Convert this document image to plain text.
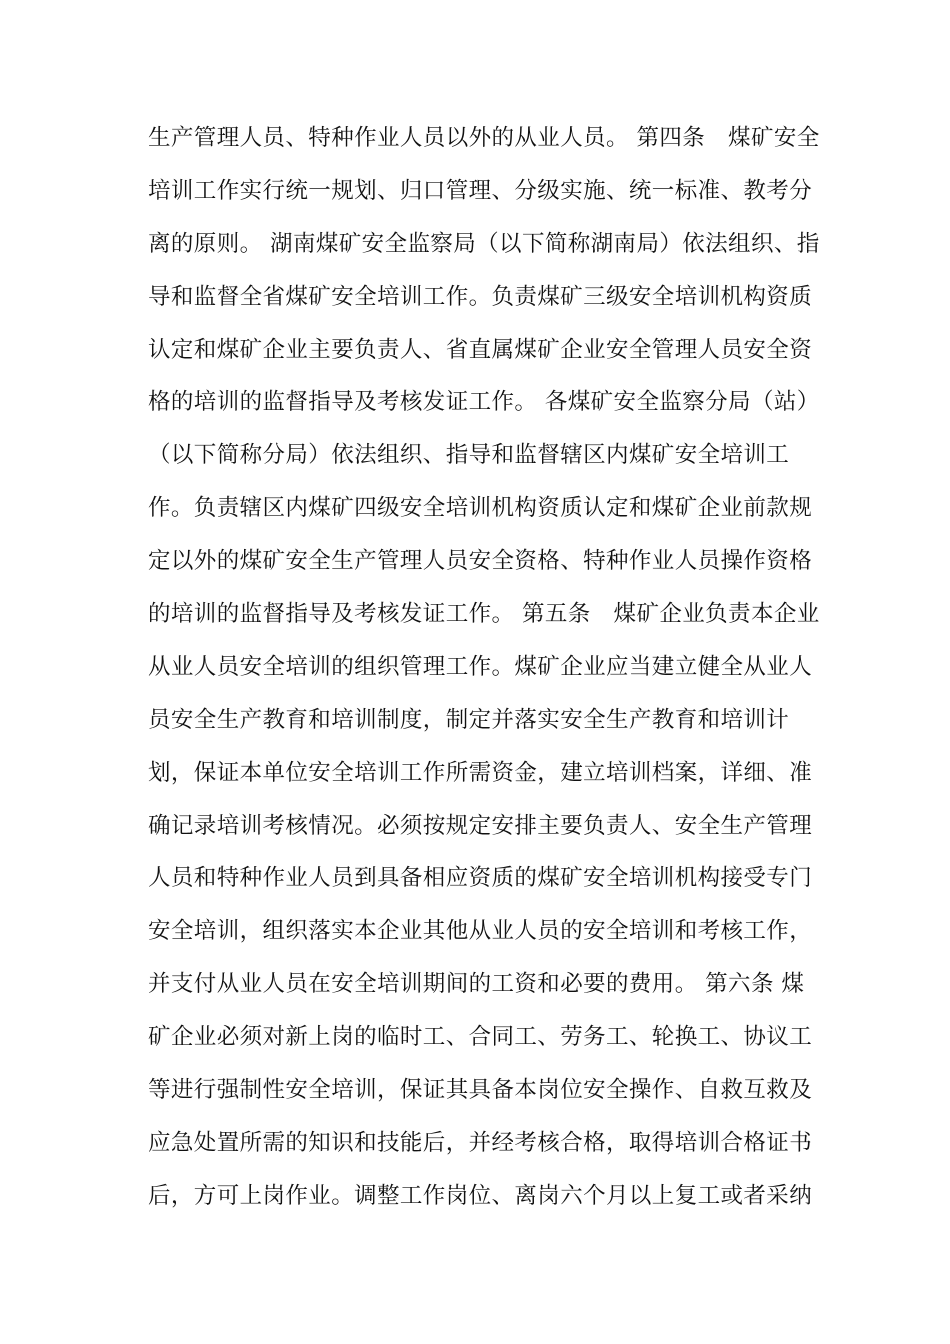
生产管理人员、特种作业人员以外的从业人员。 第四条　煤矿安全
培训工作实行统一规划、归口管理、分级实施、统一标准、教考分
离的原则。 湖南煤矿安全监察局（以下简称湖南局）依法组织、指
导和监督全省煤矿安全培训工作。负责煤矿三级安全培训机构资质
认定和煤矿企业主要负责人、省直属煤矿企业安全管理人员安全资
格的培训的监督指导及考核发证工作。 各煤矿安全监察分局（站）
（以下简称分局）依法组织、指导和监督辖区内煤矿安全培训工
作。负责辖区内煤矿四级安全培训机构资质认定和煤矿企业前款规
定以外的煤矿安全生产管理人员安全资格、特种作业人员操作资格
的培训的监督指导及考核发证工作。 第五条　煤矿企业负责本企业
从业人员安全培训的组织管理工作。煤矿企业应当建立健全从业人
员安全生产教育和培训制度，制定并落实安全生产教育和培训计
划，保证本单位安全培训工作所需资金，建立培训档案，详细、准
确记录培训考核情况。必须按规定安排主要负责人、安全生产管理
人员和特种作业人员到具备相应资质的煤矿安全培训机构接受专门
安全培训，组织落实本企业其他从业人员的安全培训和考核工作，
并支付从业人员在安全培训期间的工资和必要的费用。 第六条 煤
矿企业必须对新上岗的临时工、合同工、劳务工、轮换工、协议工
等进行强制性安全培训，保证其具备本岗位安全操作、自救互救及
应急处置所需的知识和技能后，并经考核合格，取得培训合格证书
后，方可上岗作业。调整工作岗位、离岗六个月以上复工或者采纳
